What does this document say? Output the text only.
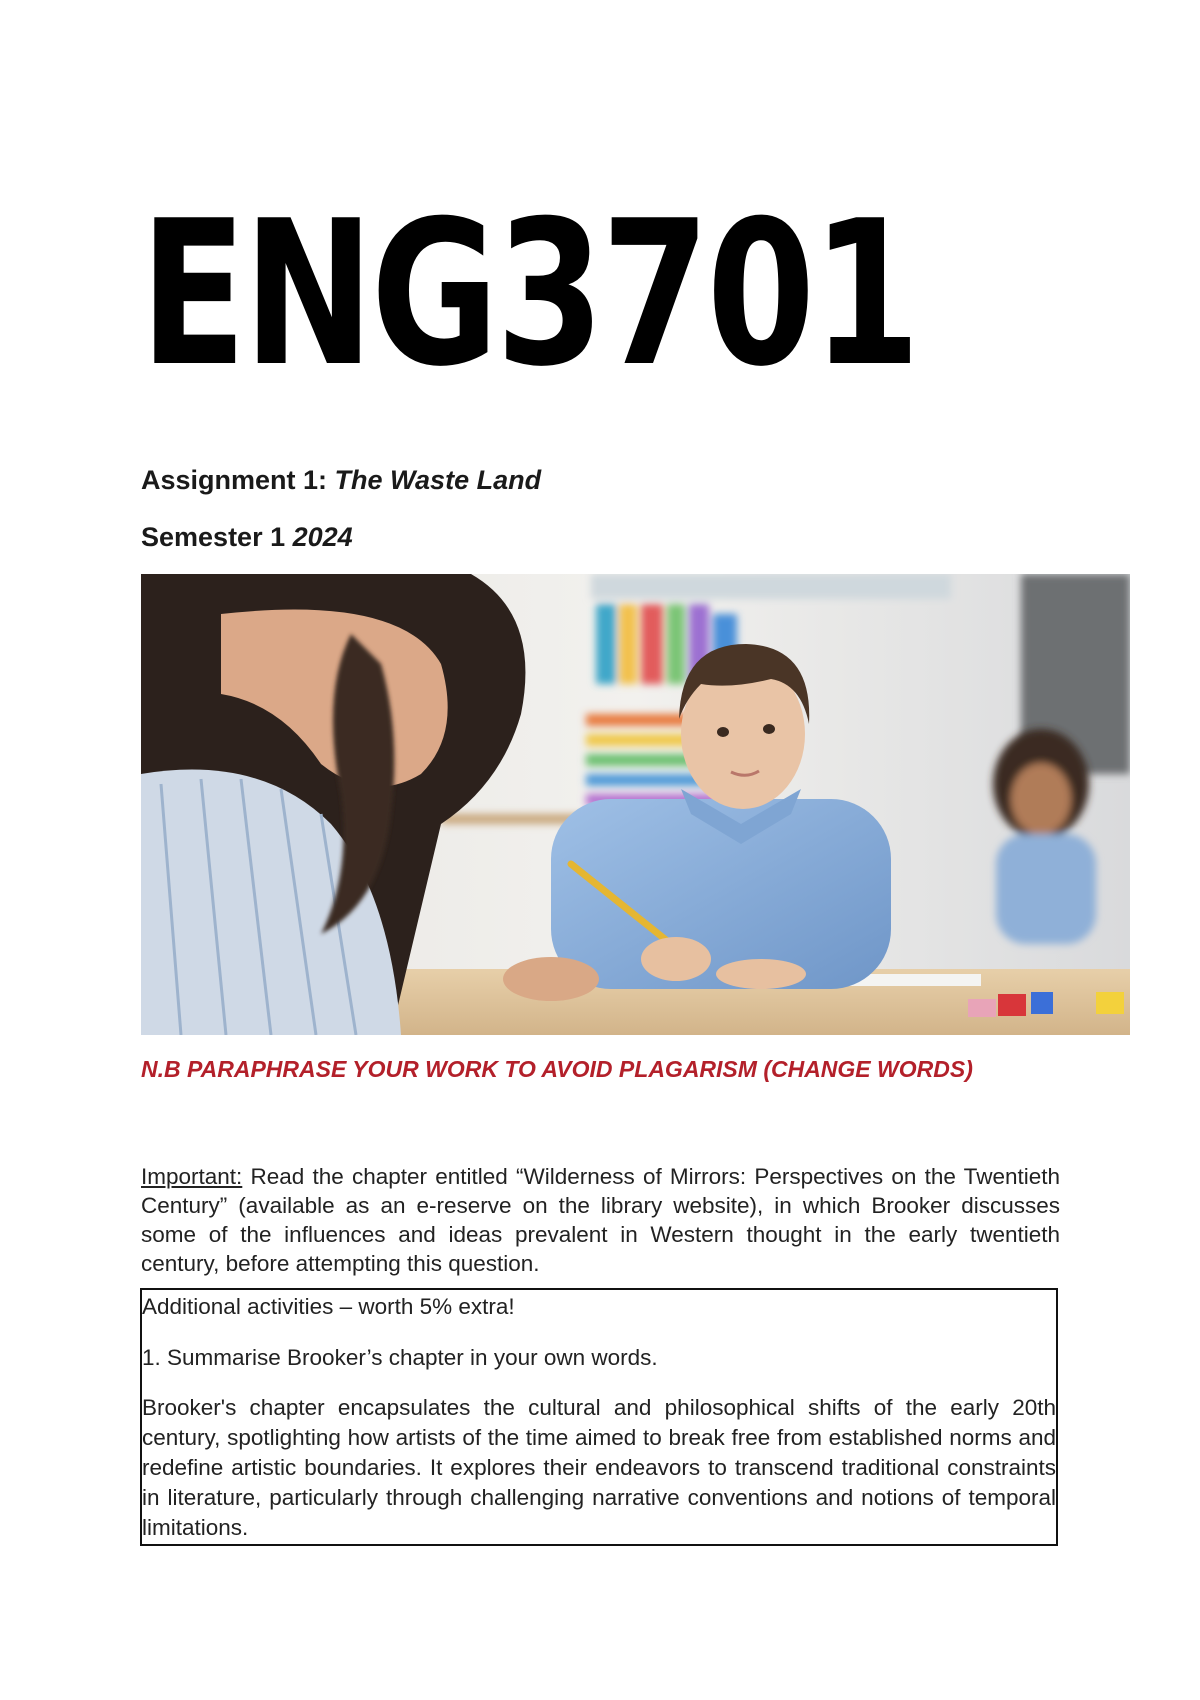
ENG3701
Assignment 1: The Waste Land
Semester 1 2024
N.B PARAPHRASE YOUR WORK TO AVOID PLAGARISM (CHANGE WORDS)

Important: Read the chapter entitled “Wilderness of Mirrors: Perspectives on the Twentieth Century” (available as an e-reserve on the library website), in which Brooker discusses some of the influences and ideas prevalent in Western thought in the early twentieth century, before attempting this question.

Additional activities – worth 5% extra!

1. Summarise Brooker’s chapter in your own words.

Brooker's chapter encapsulates the cultural and philosophical shifts of the early 20th century, spotlighting how artists of the time aimed to break free from established norms and redefine artistic boundaries. It explores their endeavors to transcend traditional constraints in literature, particularly through challenging narrative conventions and notions of temporal limitations.
